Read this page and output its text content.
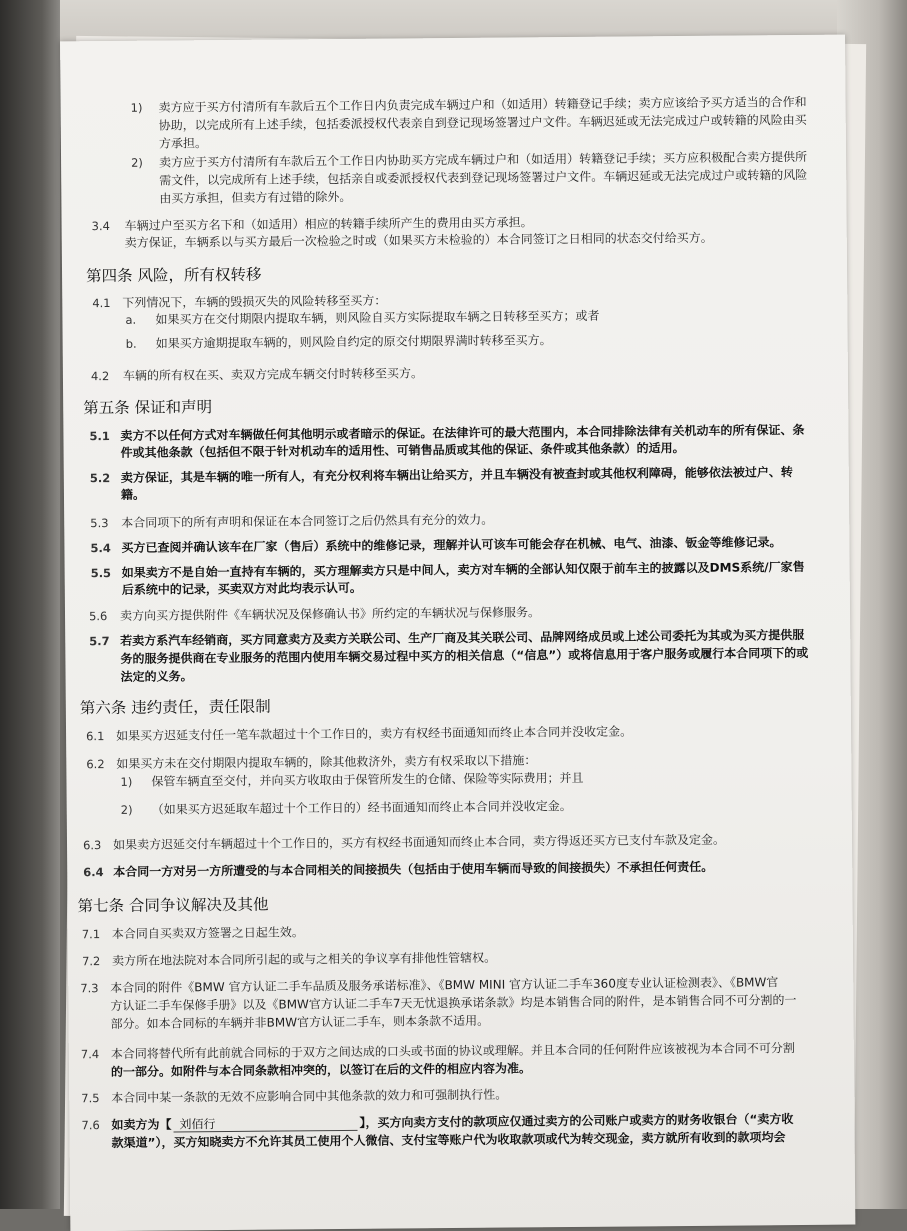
1) 卖方应于买方付清所有车款后五个工作日内负责完成车辆过户和（如适用）转籍登记手续；卖方应该给予买方适当的合作和
协助，以完成所有上述手续，包括委派授权代表亲自到登记现场签署过户文件。车辆迟延或无法完成过户或转籍的风险由买
方承担。
2) 卖方应于买方付清所有车款后五个工作日内协助买方完成车辆过户和（如适用）转籍登记手续；买方应积极配合卖方提供所
需文件，以完成所有上述手续，包括亲自或委派授权代表到登记现场签署过户文件。车辆迟延或无法完成过户或转籍的风险
由买方承担，但卖方有过错的除外。
3.4 车辆过户至买方名下和（如适用）相应的转籍手续所产生的费用由买方承担。
卖方保证，车辆系以与买方最后一次检验之时或（如果买方未检验的）本合同签订之日相同的状态交付给买方。
第四条 风险，所有权转移
4.1 下列情况下，车辆的毁损灭失的风险转移至买方：
a. 如果买方在交付期限内提取车辆，则风险自买方实际提取车辆之日转移至买方；或者
b. 如果买方逾期提取车辆的，则风险自约定的原交付期限界满时转移至买方。
4.2 车辆的所有权在买、卖双方完成车辆交付时转移至买方。
第五条 保证和声明
5.1 卖方不以任何方式对车辆做任何其他明示或者暗示的保证。在法律许可的最大范围内，本合同排除法律有关机动车的所有保证、条
件或其他条款（包括但不限于针对机动车的适用性、可销售品质或其他的保证、条件或其他条款）的适用。
5.2 卖方保证，其是车辆的唯一所有人，有充分权利将车辆出让给买方，并且车辆没有被查封或其他权利障碍，能够依法被过户、转
籍。
5.3 本合同项下的所有声明和保证在本合同签订之后仍然具有充分的效力。
5.4 买方已查阅并确认该车在厂家（售后）系统中的维修记录，理解并认可该车可能会存在机械、电气、油漆、钣金等维修记录。
5.5 如果卖方不是自始一直持有车辆的，买方理解卖方只是中间人，卖方对车辆的全部认知仅限于前车主的披露以及DMS系统/厂家售
后系统中的记录，买卖双方对此均表示认可。
5.6 卖方向买方提供附件《车辆状况及保修确认书》所约定的车辆状况与保修服务。
5.7 若卖方系汽车经销商，买方同意卖方及卖方关联公司、生产厂商及其关联公司、品牌网络成员或上述公司委托为其或为买方提供服
务的服务提供商在专业服务的范围内使用车辆交易过程中买方的相关信息（“信息”）或将信息用于客户服务或履行本合同项下的或
法定的义务。
第六条 违约责任，责任限制
6.1 如果买方迟延支付任一笔车款超过十个工作日的，卖方有权经书面通知而终止本合同并没收定金。
6.2 如果买方未在交付期限内提取车辆的，除其他救济外，卖方有权采取以下措施：
1) 保管车辆直至交付，并向买方收取由于保管所发生的仓储、保险等实际费用；并且
2) （如果买方迟延取车超过十个工作日的）经书面通知而终止本合同并没收定金。
6.3 如果卖方迟延交付车辆超过十个工作日的，买方有权经书面通知而终止本合同，卖方得返还买方已支付车款及定金。
6.4 本合同一方对另一方所遭受的与本合同相关的间接损失（包括由于使用车辆而导致的间接损失）不承担任何责任。
第七条 合同争议解决及其他
7.1 本合同自买卖双方签署之日起生效。
7.2 卖方所在地法院对本合同所引起的或与之相关的争议享有排他性管辖权。
7.3 本合同的附件《BMW 官方认证二手车品质及服务承诺标准》、《BMW MINI 官方认证二手车360度专业认证检测表》、《BMW官
方认证二手车保修手册》以及《BMW官方认证二手车7天无忧退换承诺条款》均是本销售合同的附件，是本销售合同不可分割的一
部分。如本合同标的车辆并非BMW官方认证二手车，则本条款不适用。
7.4 本合同将替代所有此前就合同标的于双方之间达成的口头或书面的协议或理解。并且本合同的任何附件应该被视为本合同不可分割
的一部分。如附件与本合同条款相冲突的，以签订在后的文件的相应内容为准。
7.5 本合同中某一条款的无效不应影响合同中其他条款的效力和可强制执行性。
7.6 如卖方为【 刘佰行	】，买方向卖方支付的款项应仅通过卖方的公司账户或卖方的财务收银台（“卖方收
款渠道”），买方知晓卖方不允许其员工使用个人微信、支付宝等账户代为收取款项或代为转交现金，卖方就所有收到的款项均会
